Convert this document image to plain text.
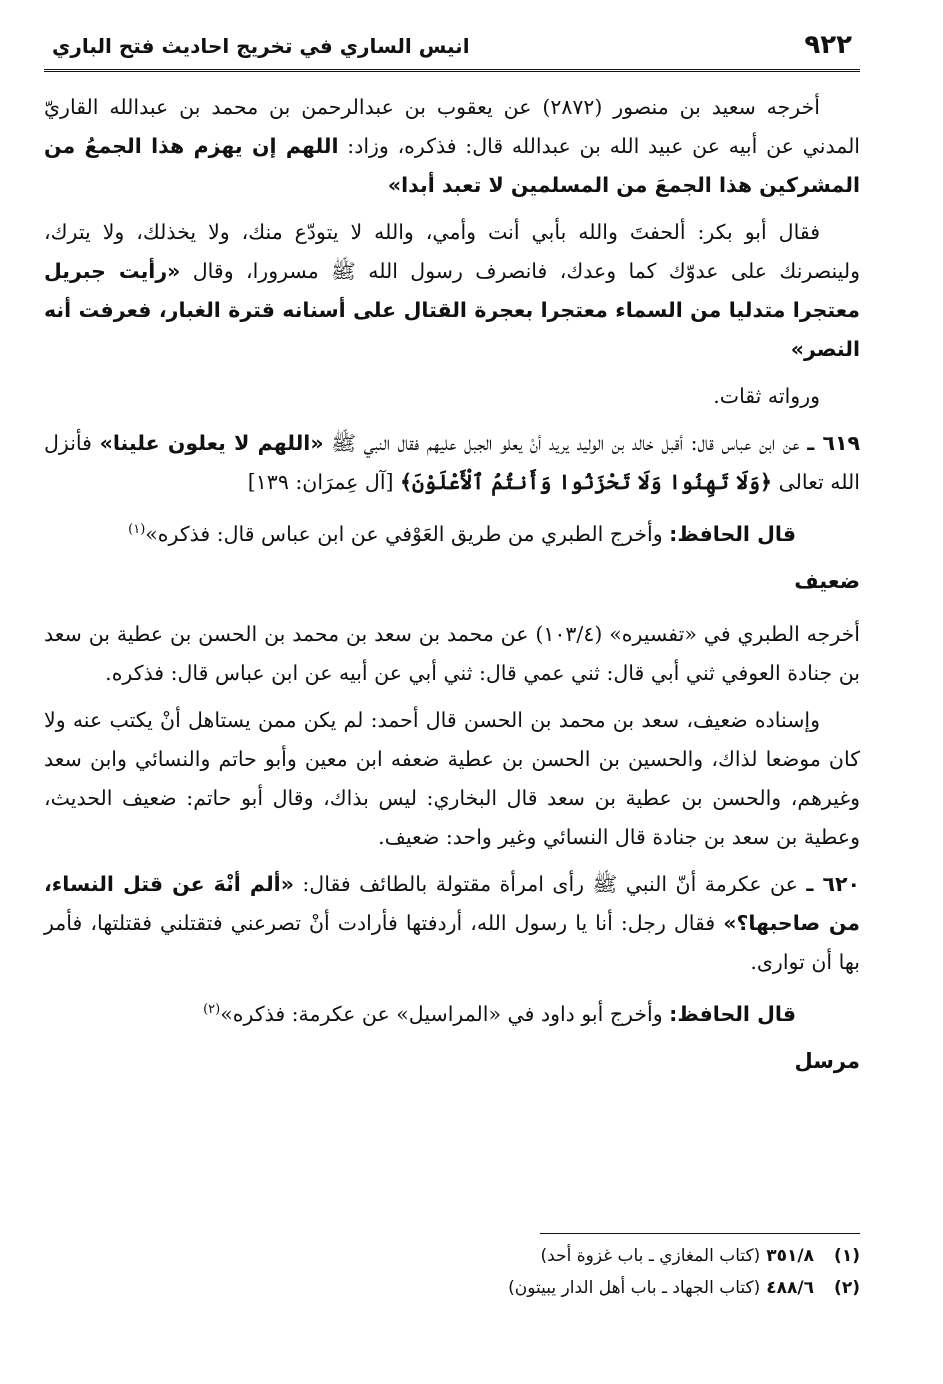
٩٢٢
انيس الساري في تخريج احاديث فتح الباري

أخرجه سعيد بن منصور (٢٨٧٢) عن يعقوب بن عبدالرحمن بن محمد بن عبدالله القاريّ المدني عن أبيه عن عبيد الله بن عبدالله قال: فذكره، وزاد: اللهم إن يهزم هذا الجمعُ من المشركين هذا الجمعَ من المسلمين لا تعبد أبدا»

فقال أبو بكر: ألحفتَ والله بأبي أنت وأمي، والله لا يتودّع منك، ولا يخذلك، ولا يترك، ولينصرنك على عدوّك كما وعدك، فانصرف رسول الله ﷺ مسرورا، وقال «رأيت جبريل معتجرا متدليا من السماء معتجرا بعجرة القتال على أسنانه قترة الغبار، فعرفت أنه النصر»

ورواته ثقات.

٦١٩ ـ عن ابن عباس قال: أقبل خالد بن الوليد يريد أنْ يعلو الجبل عليهم فقال النبي ﷺ «اللهم لا يعلون علينا» فأنزل الله تعالى ﴿وَلَا تَهِنُوا وَلَا تَحْزَنُوا وَأَنتُمُ ٱلْأَعْلَوْنَ﴾ [آل عِمرَان: ١٣٩]

قال الحافظ: وأخرج الطبري من طريق العَوْفي عن ابن عباس قال: فذكره»$^{(١)}$

ضعيف

أخرجه الطبري في «تفسيره» (١٠٣/٤) عن محمد بن سعد بن محمد بن الحسن بن عطية بن سعد بن جنادة العوفي ثني أبي قال: ثني عمي قال: ثني أبي عن أبيه عن ابن عباس قال: فذكره.

وإسناده ضعيف، سعد بن محمد بن الحسن قال أحمد: لم يكن ممن يستاهل أنْ يكتب عنه ولا كان موضعا لذاك، والحسين بن الحسن بن عطية ضعفه ابن معين وأبو حاتم والنسائي وابن سعد وغيرهم، والحسن بن عطية بن سعد قال البخاري: ليس بذاك، وقال أبو حاتم: ضعيف الحديث، وعطية بن سعد بن جنادة قال النسائي وغير واحد: ضعيف.

٦٢٠ ـ عن عكرمة أنّ النبي ﷺ رأى امرأة مقتولة بالطائف فقال: «ألم أنْهَ عن قتل النساء، من صاحبها؟» فقال رجل: أنا يا رسول الله، أردفتها فأرادت أنْ تصرعني فتقتلني فقتلتها، فأمر بها أن توارى.

قال الحافظ: وأخرج أبو داود في «المراسيل» عن عكرمة: فذكره»$^{(٢)}$

مرسل
(١)٣٥١/٨(كتاب المغازي ـ باب غزوة أحد)
(٢)٤٨٨/٦(كتاب الجهاد ـ باب أهل الدار يبيتون)
